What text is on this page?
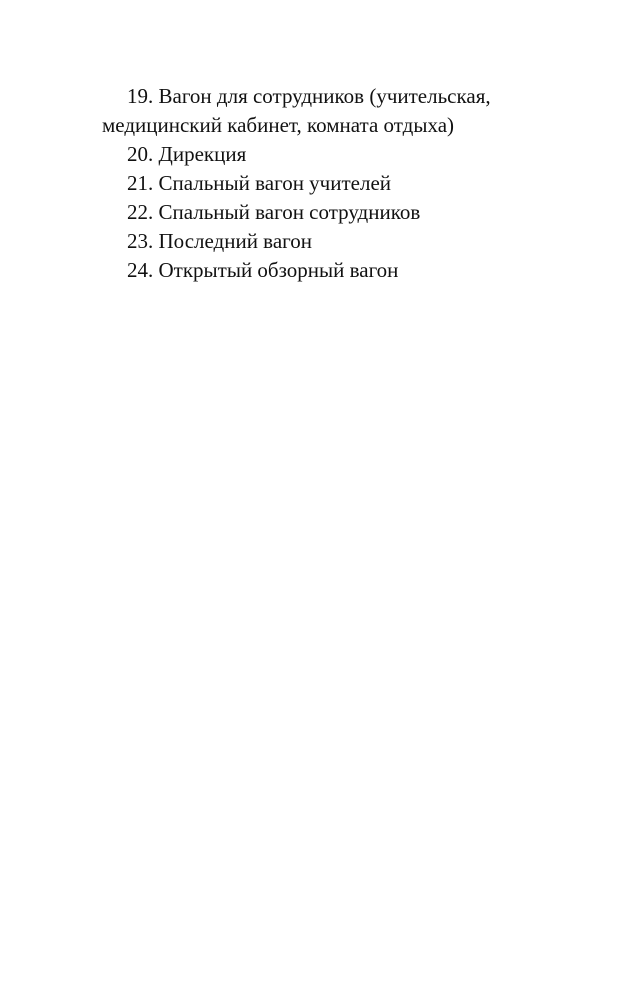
19. Вагон для сотрудников (учительская, медицинский кабинет, комната отдыха)
20. Дирекция
21. Спальный вагон учителей
22. Спальный вагон сотрудников
23. Последний вагон
24. Открытый обзорный вагон
